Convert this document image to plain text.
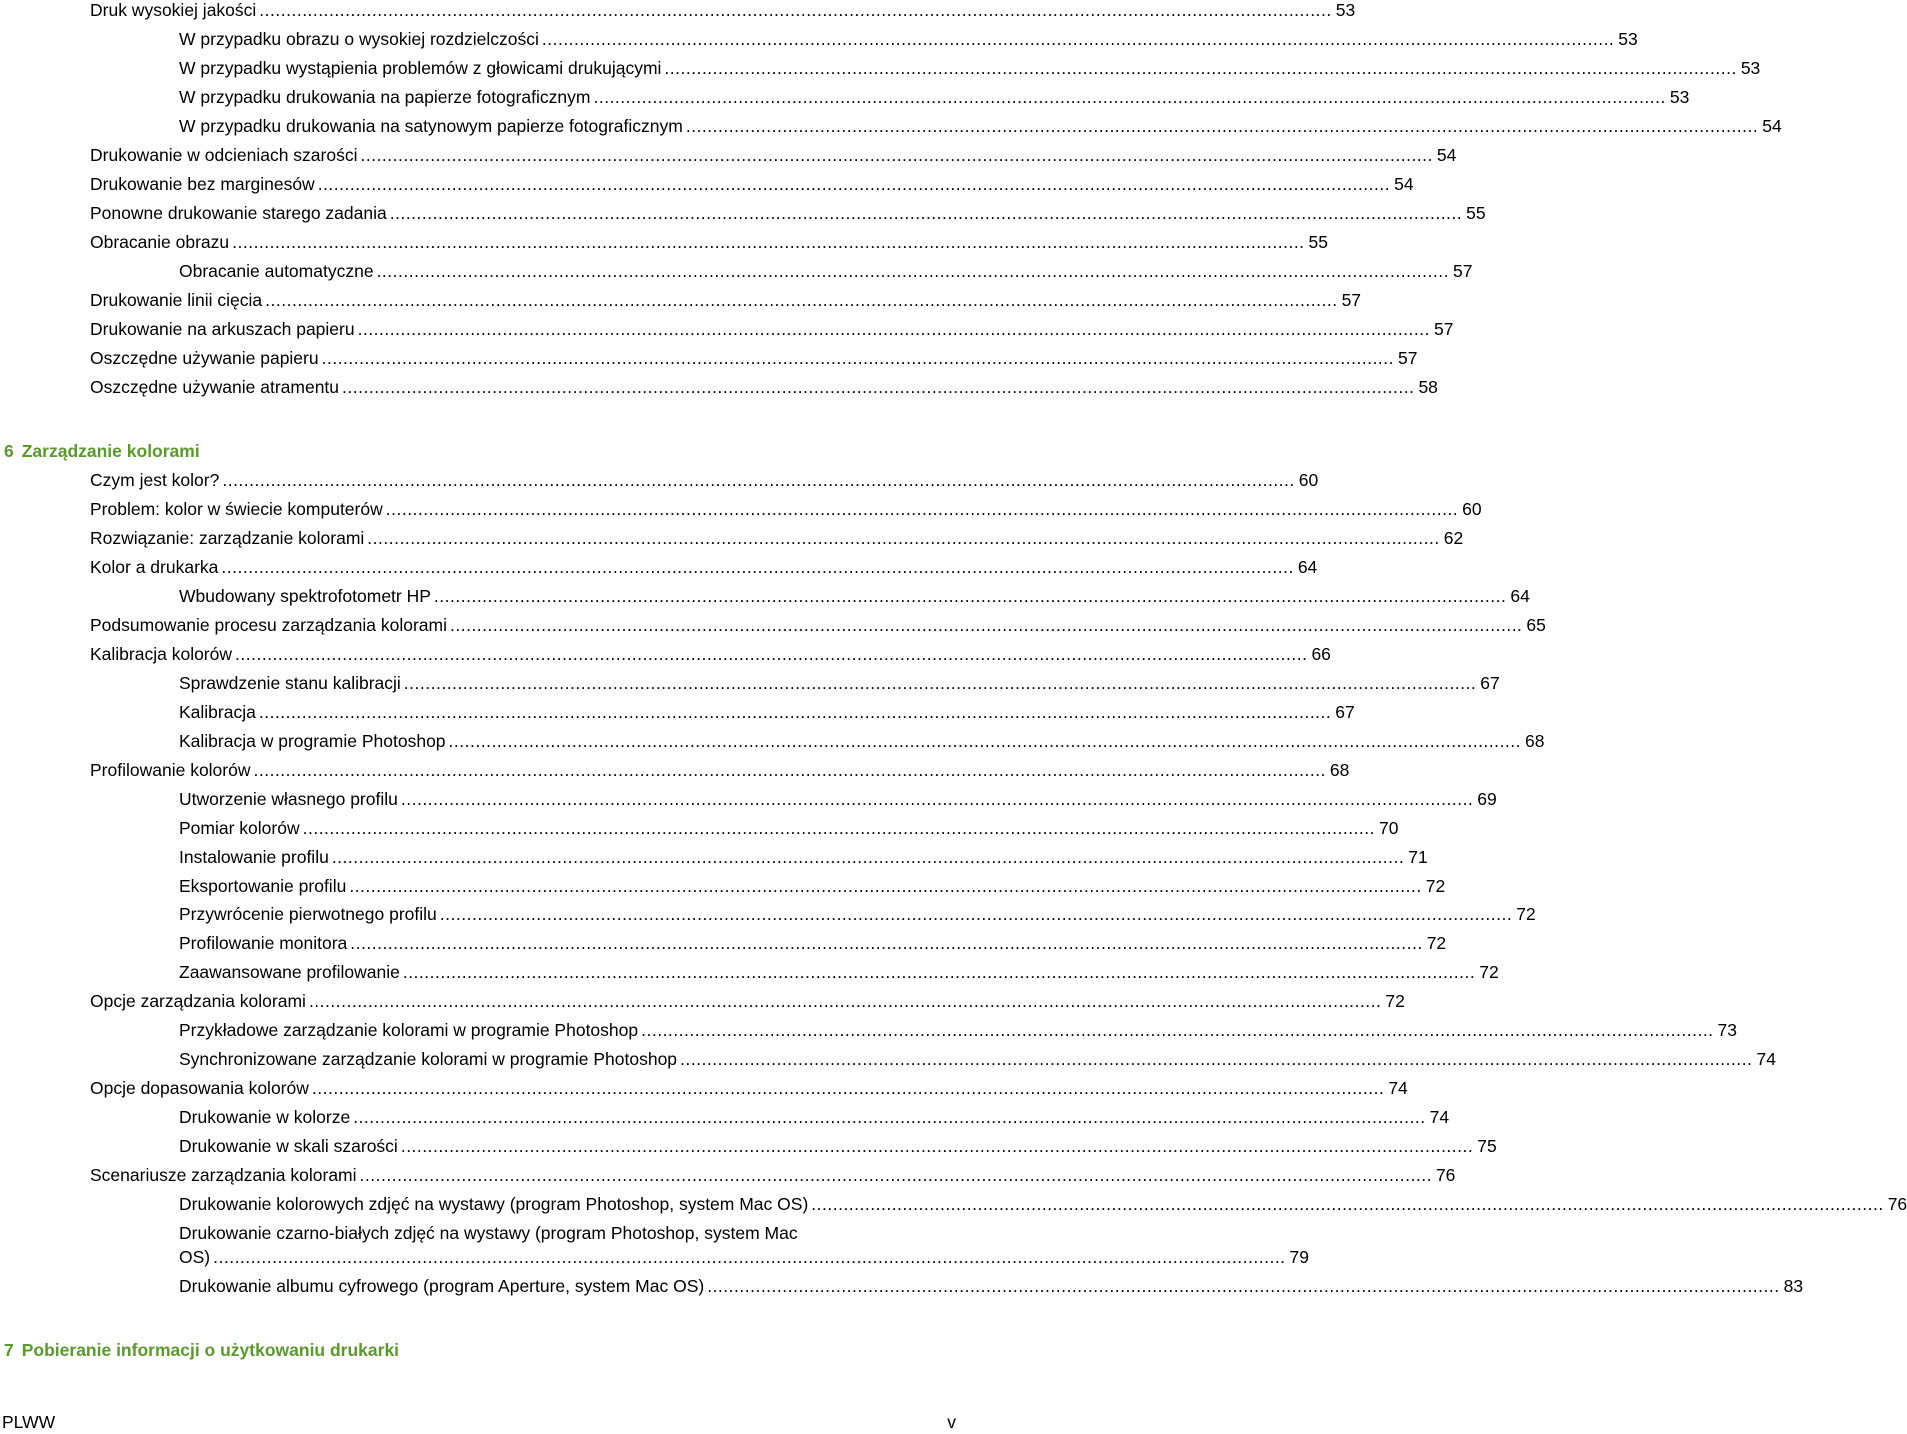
Druk wysokiej jakości ........................................................................................................................................................................................................ 53
W przypadku obrazu o wysokiej rozdzielczości ........................................................................................................................................................................................................ 53
W przypadku wystąpienia problemów z głowicami drukującymi ........................................................................................................................................................................................................ 53
W przypadku drukowania na papierze fotograficznym ........................................................................................................................................................................................................ 53
W przypadku drukowania na satynowym papierze fotograficznym ........................................................................................................................................................................................................ 54
Drukowanie w odcieniach szarości ........................................................................................................................................................................................................ 54
Drukowanie bez marginesów ........................................................................................................................................................................................................ 54
Ponowne drukowanie starego zadania ........................................................................................................................................................................................................ 55
Obracanie obrazu ........................................................................................................................................................................................................ 55
Obracanie automatyczne ........................................................................................................................................................................................................ 57
Drukowanie linii cięcia ........................................................................................................................................................................................................ 57
Drukowanie na arkuszach papieru ........................................................................................................................................................................................................ 57
Oszczędne używanie papieru ........................................................................................................................................................................................................ 57
Oszczędne używanie atramentu ........................................................................................................................................................................................................ 58
6 Zarządzanie kolorami
Czym jest kolor? ........................................................................................................................................................................................................ 60
Problem: kolor w świecie komputerów ........................................................................................................................................................................................................ 60
Rozwiązanie: zarządzanie kolorami ........................................................................................................................................................................................................ 62
Kolor a drukarka ........................................................................................................................................................................................................ 64
Wbudowany spektrofotometr HP ........................................................................................................................................................................................................ 64
Podsumowanie procesu zarządzania kolorami ........................................................................................................................................................................................................ 65
Kalibracja kolorów ........................................................................................................................................................................................................ 66
Sprawdzenie stanu kalibracji ........................................................................................................................................................................................................ 67
Kalibracja ........................................................................................................................................................................................................ 67
Kalibracja w programie Photoshop ........................................................................................................................................................................................................ 68
Profilowanie kolorów ........................................................................................................................................................................................................ 68
Utworzenie własnego profilu ........................................................................................................................................................................................................ 69
Pomiar kolorów ........................................................................................................................................................................................................ 70
Instalowanie profilu ........................................................................................................................................................................................................ 71
Eksportowanie profilu ........................................................................................................................................................................................................ 72
Przywrócenie pierwotnego profilu ........................................................................................................................................................................................................ 72
Profilowanie monitora ........................................................................................................................................................................................................ 72
Zaawansowane profilowanie ........................................................................................................................................................................................................ 72
Opcje zarządzania kolorami ........................................................................................................................................................................................................ 72
Przykładowe zarządzanie kolorami w programie Photoshop ........................................................................................................................................................................................................ 73
Synchronizowane zarządzanie kolorami w programie Photoshop ........................................................................................................................................................................................................ 74
Opcje dopasowania kolorów ........................................................................................................................................................................................................ 74
Drukowanie w kolorze ........................................................................................................................................................................................................ 74
Drukowanie w skali szarości ........................................................................................................................................................................................................ 75
Scenariusze zarządzania kolorami ........................................................................................................................................................................................................ 76
Drukowanie kolorowych zdjęć na wystawy (program Photoshop, system Mac OS) ........................................................................................................................................................................................................ 76
Drukowanie czarno-białych zdjęć na wystawy (program Photoshop, system Mac
OS) ........................................................................................................................................................................................................ 79
Drukowanie albumu cyfrowego (program Aperture, system Mac OS) ........................................................................................................................................................................................................ 83
7 Pobieranie informacji o użytkowaniu drukarki
PLWW	v
